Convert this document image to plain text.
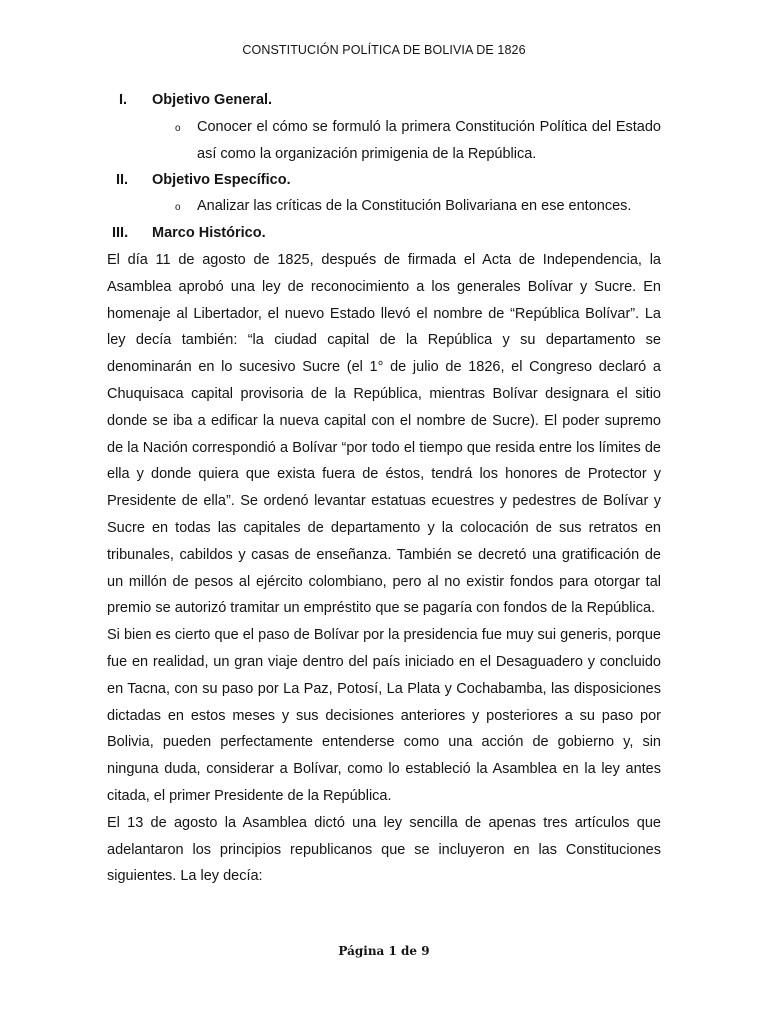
CONSTITUCIÓN POLÍTICA DE BOLIVIA DE 1826
I. Objetivo General.
o Conocer el cómo se formuló la primera Constitución Política del Estado así como la organización primigenia de la República.
II. Objetivo Específico.
o Analizar las críticas de la Constitución Bolivariana en ese entonces.
III. Marco Histórico.

El día 11 de agosto de 1825, después de firmada el Acta de Independencia, la Asamblea aprobó una ley de reconocimiento a los generales Bolívar y Sucre. En homenaje al Libertador, el nuevo Estado llevó el nombre de “República Bolívar”. La ley decía también: “la ciudad capital de la República y su departamento se denominarán en lo sucesivo Sucre (el 1° de julio de 1826, el Congreso declaró a Chuquisaca capital provisoria de la República, mientras Bolívar designara el sitio donde se iba a edificar la nueva capital con el nombre de Sucre). El poder supremo de la Nación correspondió a Bolívar “por todo el tiempo que resida entre los límites de ella y donde quiera que exista fuera de éstos, tendrá los honores de Protector y Presidente de ella”. Se ordenó levantar estatuas ecuestres y pedestres de Bolívar y Sucre en todas las capitales de departamento y la colocación de sus retratos en tribunales, cabildos y casas de enseñanza. También se decretó una gratificación de un millón de pesos al ejército colombiano, pero al no existir fondos para otorgar tal premio se autorizó tramitar un empréstito que se pagaría con fondos de la República.

Si bien es cierto que el paso de Bolívar por la presidencia fue muy sui generis, porque fue en realidad, un gran viaje dentro del país iniciado en el Desaguadero y concluido en Tacna, con su paso por La Paz, Potosí, La Plata y Cochabamba, las disposiciones dictadas en estos meses y sus decisiones anteriores y posteriores a su paso por Bolivia, pueden perfectamente entenderse como una acción de gobierno y, sin ninguna duda, considerar a Bolívar, como lo estableció la Asamblea en la ley antes citada, el primer Presidente de la República.

El 13 de agosto la Asamblea dictó una ley sencilla de apenas tres artículos que adelantaron los principios republicanos que se incluyeron en las Constituciones siguientes. La ley decía:

Página 1 de 9
